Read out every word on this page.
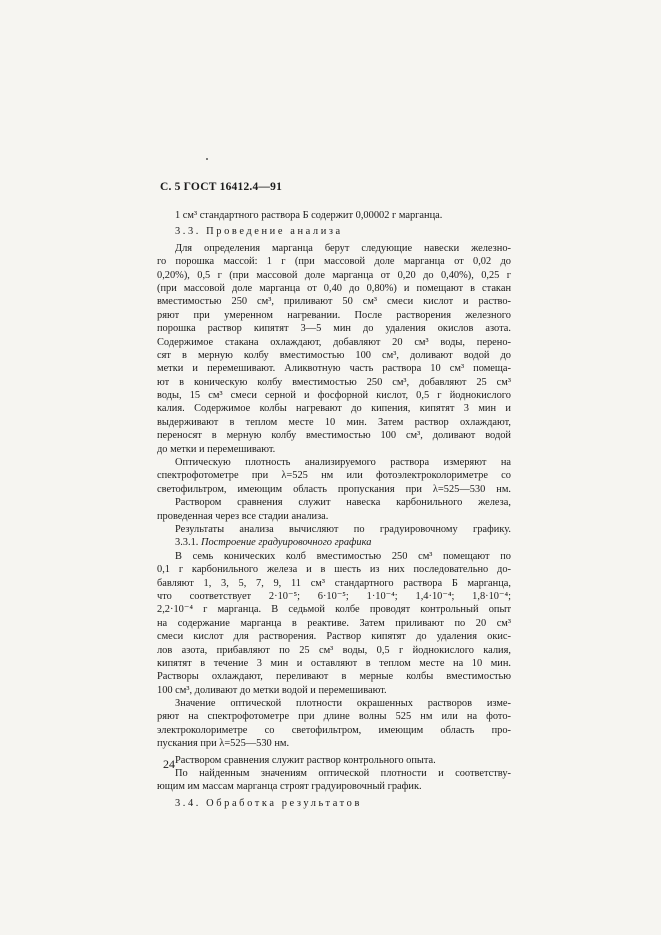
С. 5 ГОСТ 16412.4—91
1 см³ стандартного раствора Б содержит 0,00002 г марганца.
3.3. Проведение анализа
Для определения марганца берут следующие навески железно-
го порошка массой: 1 г (при массовой доле марганца от 0,02 до
0,20%), 0,5 г (при массовой доле марганца от 0,20 до 0,40%), 0,25 г
(при массовой доле марганца от 0,40 до 0,80%) и помещают в стакан
вместимостью 250 см³, приливают 50 см³ смеси кислот и раство-
ряют при умеренном нагревании. После растворения железного
порошка раствор кипятят 3—5 мин до удаления окислов азота.
Содержимое стакана охлаждают, добавляют 20 см³ воды, перено-
сят в мерную колбу вместимостью 100 см³, доливают водой до
метки и перемешивают. Аликвотную часть раствора 10 см³ помеща-
ют в коническую колбу вместимостью 250 см³, добавляют 25 см³
воды, 15 см³ смеси серной и фосфорной кислот, 0,5 г йоднокислого
калия. Содержимое колбы нагревают до кипения, кипятят 3 мин и
выдерживают в теплом месте 10 мин. Затем раствор охлаждают,
переносят в мерную колбу вместимостью 100 см³, доливают водой
до метки и перемешивают.
Оптическую плотность анализируемого раствора измеряют на
спектрофотометре при λ=525 нм или фотоэлектроколориметре со
светофильтром, имеющим область пропускания при λ=525—530 нм.
Раствором сравнения служит навеска карбонильного железа,
проведенная через все стадии анализа.
Результаты анализа вычисляют по градуировочному графику.
3.3.1. Построение градуировочного графика
В семь конических колб вместимостью 250 см³ помещают по
0,1 г карбонильного железа и в шесть из них последовательно до-
бавляют 1, 3, 5, 7, 9, 11 см³ стандартного раствора Б марганца,
что соответствует 2·10⁻⁵; 6·10⁻⁵; 1·10⁻⁴; 1,4·10⁻⁴; 1,8·10⁻⁴;
2,2·10⁻⁴ г марганца. В седьмой колбе проводят контрольный опыт
на содержание марганца в реактиве. Затем приливают по 20 см³
смеси кислот для растворения. Раствор кипятят до удаления окис-
лов азота, прибавляют по 25 см³ воды, 0,5 г йоднокислого калия,
кипятят в течение 3 мин и оставляют в теплом месте на 10 мин.
Растворы охлаждают, переливают в мерные колбы вместимостью
100 см³, доливают до метки водой и перемешивают.
Значение оптической плотности окрашенных растворов изме-
ряют на спектрофотометре при длине волны 525 нм или на фото-
электроколориметре со светофильтром, имеющим область про-
пускания при λ=525—530 нм.
Раствором сравнения служит раствор контрольного опыта.
По найденным значениям оптической плотности и соответству-
ющим им массам марганца строят градуировочный график.
3.4. Обработка результатов
24
